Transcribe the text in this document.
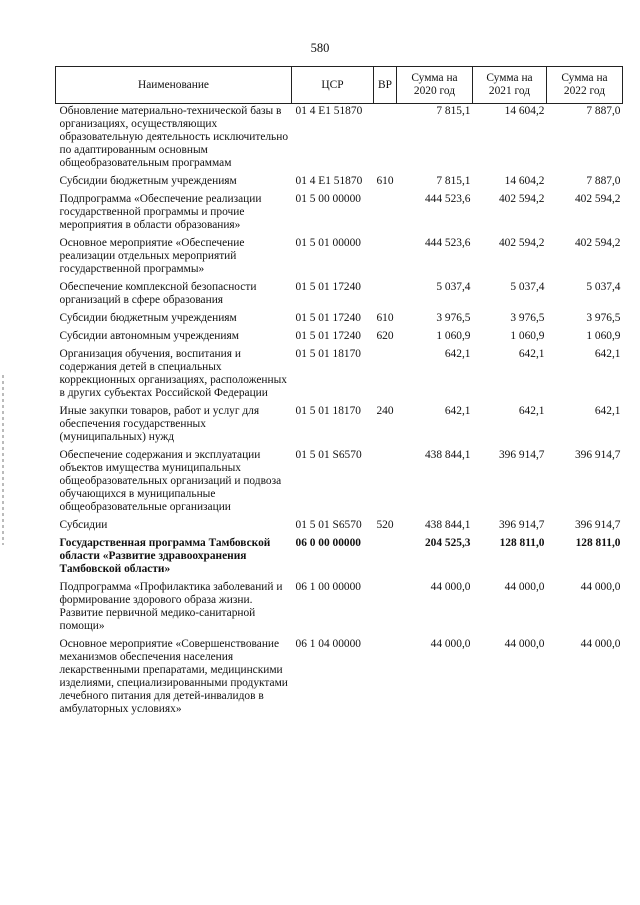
580
Наименование	ЦСР	ВР	Сумма на 2020 год	Сумма на 2021 год	Сумма на 2022 год
Обновление материально-технической базы в организациях, осуществляющих образовательную деятельность исключительно по адаптированным основным общеобразовательным программам	01 4 E1 51870		7 815,1	14 604,2	7 887,0
Субсидии бюджетным учреждениям	01 4 E1 51870	610	7 815,1	14 604,2	7 887,0
Подпрограмма «Обеспечение реализации государственной программы и прочие мероприятия в области образования»	01 5 00 00000		444 523,6	402 594,2	402 594,2
Основное мероприятие «Обеспечение реализации отдельных мероприятий государственной программы»	01 5 01 00000		444 523,6	402 594,2	402 594,2
Обеспечение комплексной безопасности организаций в сфере образования	01 5 01 17240		5 037,4	5 037,4	5 037,4
Субсидии бюджетным учреждениям	01 5 01 17240	610	3 976,5	3 976,5	3 976,5
Субсидии автономным учреждениям	01 5 01 17240	620	1 060,9	1 060,9	1 060,9
Организация обучения, воспитания и содержания детей в специальных коррекционных организациях, расположенных в других субъектах Российской Федерации	01 5 01 18170		642,1	642,1	642,1
Иные закупки товаров, работ и услуг для обеспечения государственных (муниципальных) нужд	01 5 01 18170	240	642,1	642,1	642,1
Обеспечение содержания и эксплуатации объектов имущества муниципальных общеобразовательных организаций и подвоза обучающихся в муниципальные общеобразовательные организации	01 5 01 S6570		438 844,1	396 914,7	396 914,7
Субсидии	01 5 01 S6570	520	438 844,1	396 914,7	396 914,7
Государственная программа Тамбовской области «Развитие здравоохранения Тамбовской области»	06 0 00 00000		204 525,3	128 811,0	128 811,0
Подпрограмма «Профилактика заболеваний и формирование здорового образа жизни. Развитие первичной медико-санитарной помощи»	06 1 00 00000		44 000,0	44 000,0	44 000,0
Основное мероприятие «Совершенствование механизмов обеспечения населения лекарственными препаратами, медицинскими изделиями, специализированными продуктами лечебного питания для детей-инвалидов в амбулаторных условиях»	06 1 04 00000		44 000,0	44 000,0	44 000,0
